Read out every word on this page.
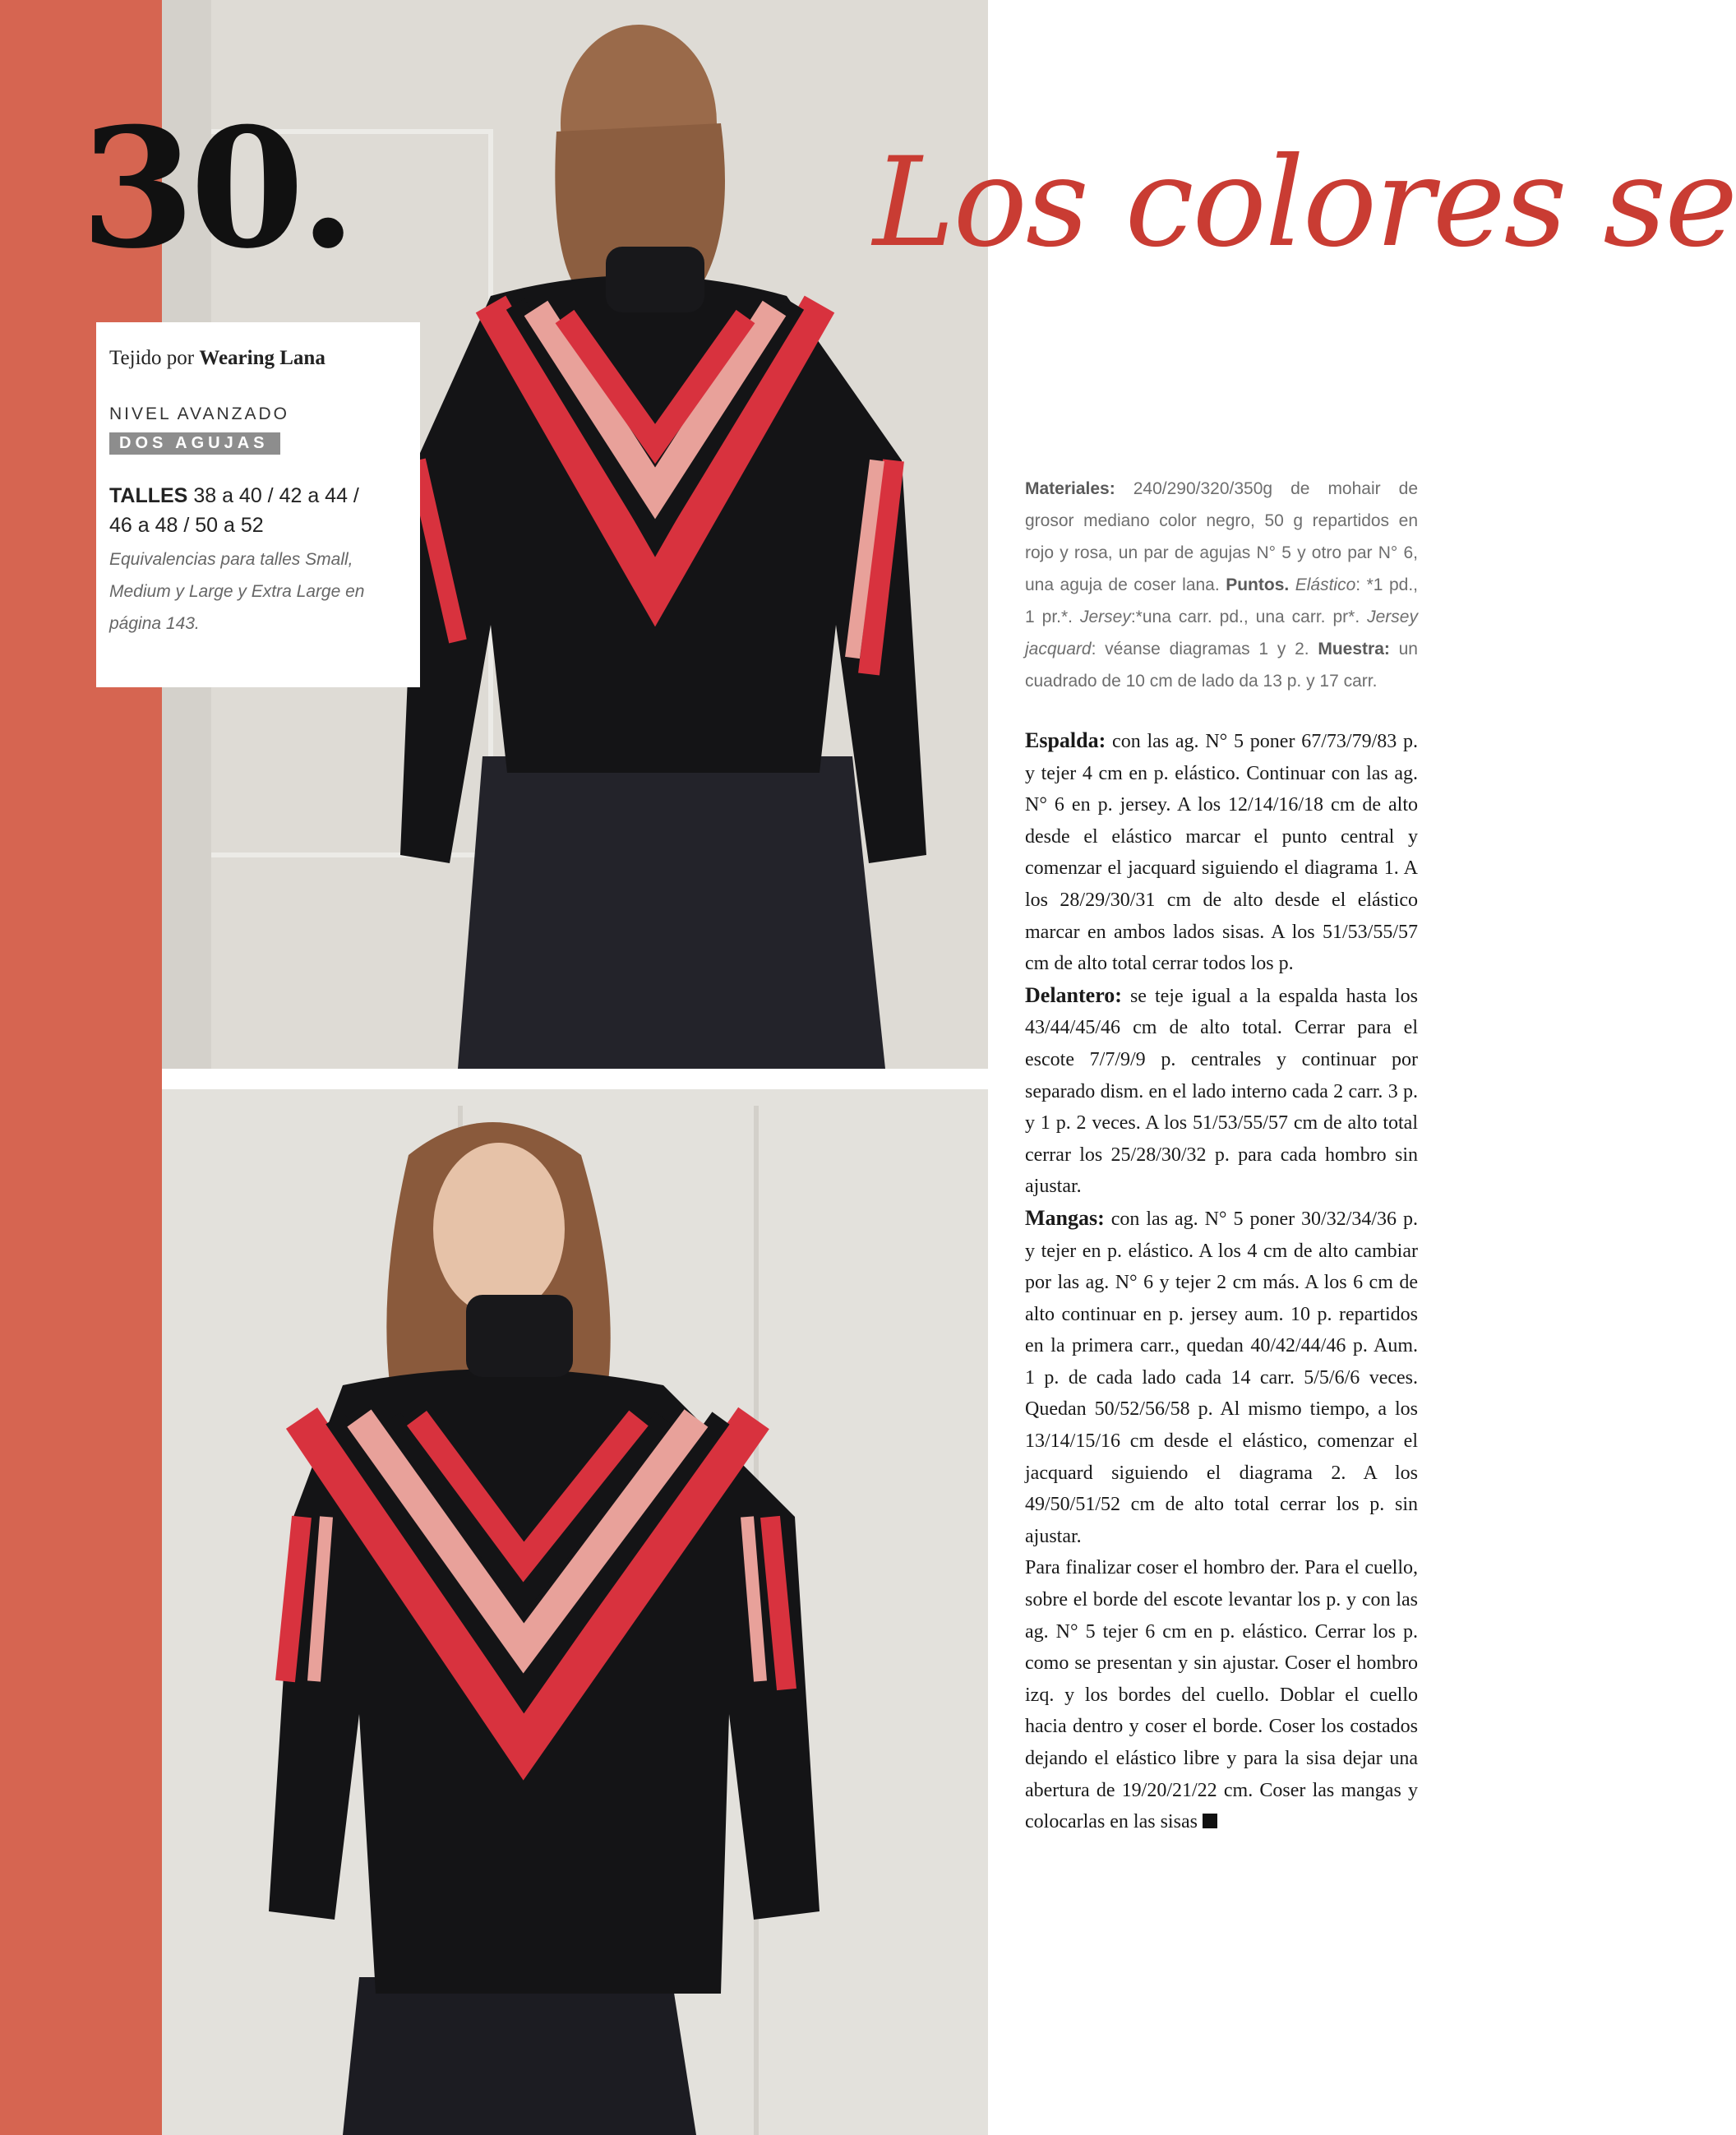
30.
Tejido por Wearing Lana
NIVEL AVANZADO
DOS AGUJAS
TALLES 38 a 40 / 42 a 44 / 46 a 48 / 50 a 52
Equivalencias para talles Small, Medium y Large y Extra Large en página 143.
Los colores se
Materiales: 240/290/320/350g de mohair de grosor mediano color negro, 50 g repartidos en rojo y rosa, un par de agujas N° 5 y otro par N° 6, una aguja de coser lana. Puntos. Elástico: *1 pd., 1 pr.*. Jersey:*una carr. pd., una carr. pr*. Jersey jacquard: véanse diagramas 1 y 2. Muestra: un cuadrado de 10 cm de lado da 13 p. y 17 carr.

Espalda: con las ag. N° 5 poner 67/73/79/83 p. y tejer 4 cm en p. elástico. Continuar con las ag. N° 6 en p. jersey. A los 12/14/16/18 cm de alto desde el elástico marcar el punto central y comenzar el jacquard siguiendo el diagrama 1. A los 28/29/30/31 cm de alto desde el elástico marcar en ambos lados sisas. A los 51/53/55/57 cm de alto total cerrar todos los p.

Delantero: se teje igual a la espalda hasta los 43/44/45/46 cm de alto total. Cerrar para el escote 7/7/9/9 p. centrales y continuar por separado dism. en el lado interno cada 2 carr. 3 p. y 1 p. 2 veces. A los 51/53/55/57 cm de alto total cerrar los 25/28/30/32 p. para cada hombro sin ajustar.

Mangas: con las ag. N° 5 poner 30/32/34/36 p. y tejer en p. elástico. A los 4 cm de alto cambiar por las ag. N° 6 y tejer 2 cm más. A los 6 cm de alto continuar en p. jersey aum. 10 p. repartidos en la primera carr., quedan 40/42/44/46 p. Aum. 1 p. de cada lado cada 14 carr. 5/5/6/6 veces. Quedan 50/52/56/58 p. Al mismo tiempo, a los 13/14/15/16 cm desde el elástico, comenzar el jacquard siguiendo el diagrama 2. A los 49/50/51/52 cm de alto total cerrar los p. sin ajustar.

Para finalizar coser el hombro der. Para el cuello, sobre el borde del escote levantar los p. y con las ag. N° 5 tejer 6 cm en p. elástico. Cerrar los p. como se presentan y sin ajustar. Coser el hombro izq. y los bordes del cuello. Doblar el cuello hacia dentro y coser el borde. Coser los costados dejando el elástico libre y para la sisa dejar una abertura de 19/20/21/22 cm. Coser las mangas y colocarlas en las sisas
